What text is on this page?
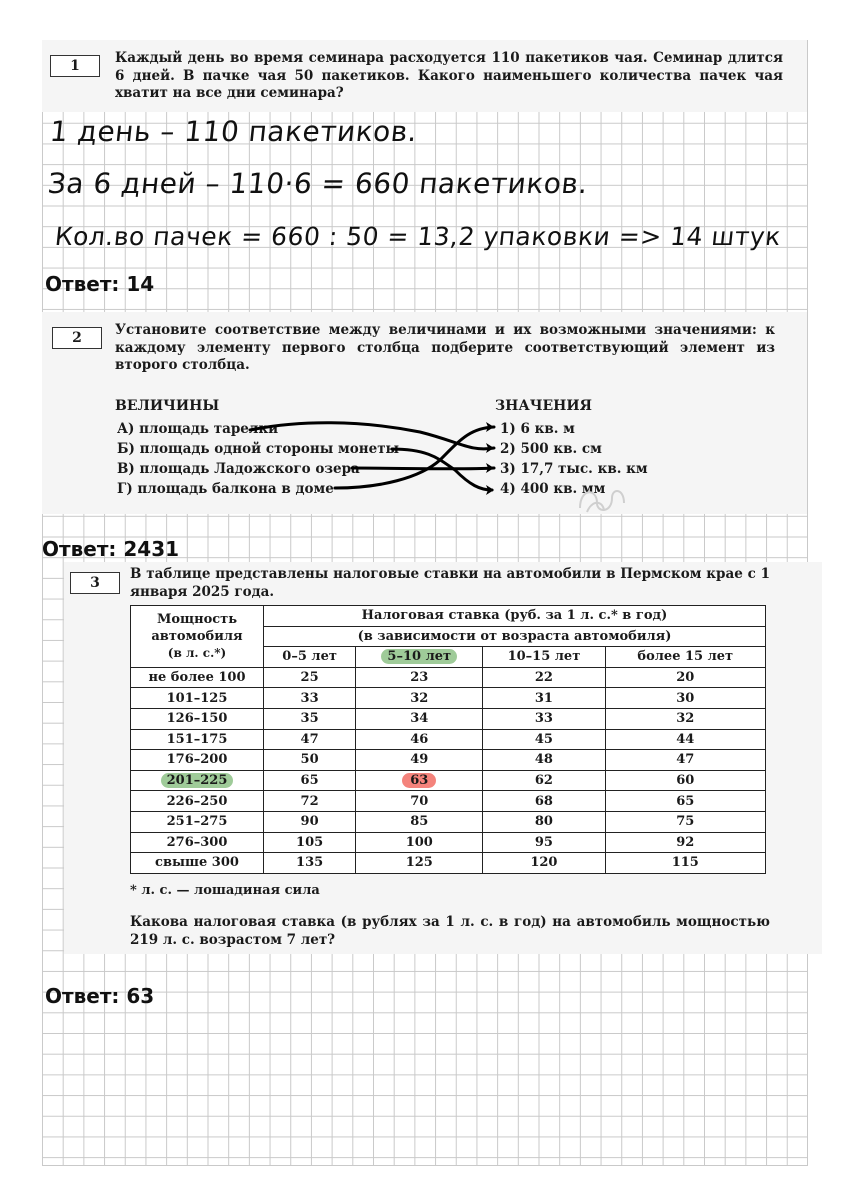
1	Каждый день во время семинара расходуется 110 пакетиков чая. Семинар длится 6 дней. В пачке чая 50 пакетиков. Какого наименьшего количества пачек чая хватит на все дни семинара?
1 день – 110 пакетиков.
За 6 дней – 110·6 = 660 пакетиков.
Кол.во пачек = 660 : 50 = 13,2 упаковки => 14 штук
Ответ: 14
2	Установите соответствие между величинами и их возможными значениями: к каждому элементу первого столбца подберите соответствующий элемент из второго столбца.
ВЕЛИЧИНЫ	ЗНАЧЕНИЯ
А) площадь тарелки
Б) площадь одной стороны монеты
В) площадь Ладожского озера
Г) площадь балкона в доме
1) 6 кв. м
2) 500 кв. см
3) 17,7 тыс. кв. км
4) 400 кв. мм
Ответ: 2431
3
В таблице представлены налоговые ставки на автомобили в Пермском крае с 1 января 2025 года.
Мощность
автомобиля
(в л. с.*)	Налоговая ставка (руб. за 1 л. с.* в год)			
	(в зависимости от возраста автомобиля)			
	0–5 лет	5–10 лет	10–15 лет	более 15 лет
не более 100	25	23	22	20
101–125	33	32	31	30
126–150	35	34	33	32
151–175	47	46	45	44
176–200	50	49	48	47
201–225	65	63	62	60
226–250	72	70	68	65
251–275	90	85	80	75
276–300	105	100	95	92
свыше 300	135	125	120	115
* л. с. — лошадиная сила
Какова налоговая ставка (в рублях за 1 л. с. в год) на автомобиль мощностью 219 л. с. возрастом 7 лет?
Ответ: 63
